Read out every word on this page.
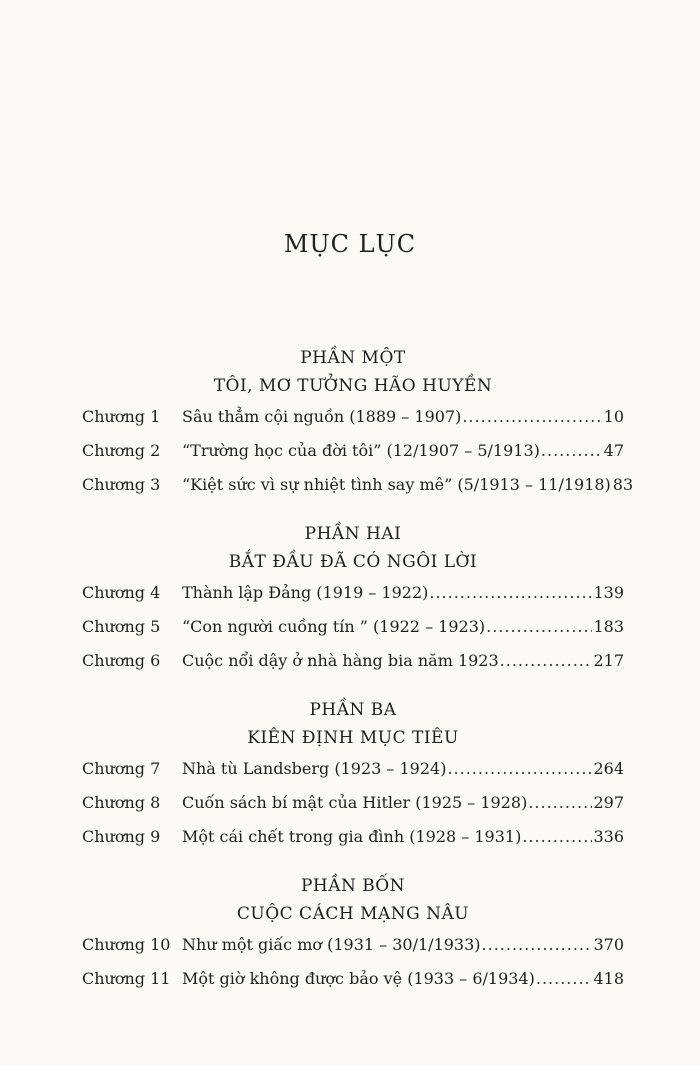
MỤC LỤC
PHẦN MỘT
TÔI, MƠ TƯỞNG HÃO HUYỀN
Chương 1	Sâu thẳm cội nguồn (1889 – 1907) .....	10
Chương 2	“Trường học của đời tôi” (12/1907 – 5/1913) .....	47
Chương 3	“Kiệt sức vì sự nhiệt tình say mê” (5/1913 – 11/1918) 83
PHẦN HAI
BẮT ĐẦU ĐÃ CÓ NGÔI LỜI
Chương 4	Thành lập Đảng (1919 – 1922) .....	139
Chương 5	“Con người cuồng tín ” (1922 – 1923) .....	183
Chương 6	Cuộc nổi dậy ở nhà hàng bia năm 1923 .....	217
PHẦN BA
KIÊN ĐỊNH MỤC TIÊU
Chương 7	Nhà tù Landsberg (1923 – 1924) .....	264
Chương 8	Cuốn sách bí mật của Hitler (1925 – 1928) .....	297
Chương 9	Một cái chết trong gia đình (1928 – 1931) .....	336
PHẦN BỐN
CUỘC CÁCH MẠNG NÂU
Chương 10 Như một giấc mơ (1931 – 30/1/1933) .....	370
Chương 11 Một giờ không được bảo vệ (1933 – 6/1934) .....	418
